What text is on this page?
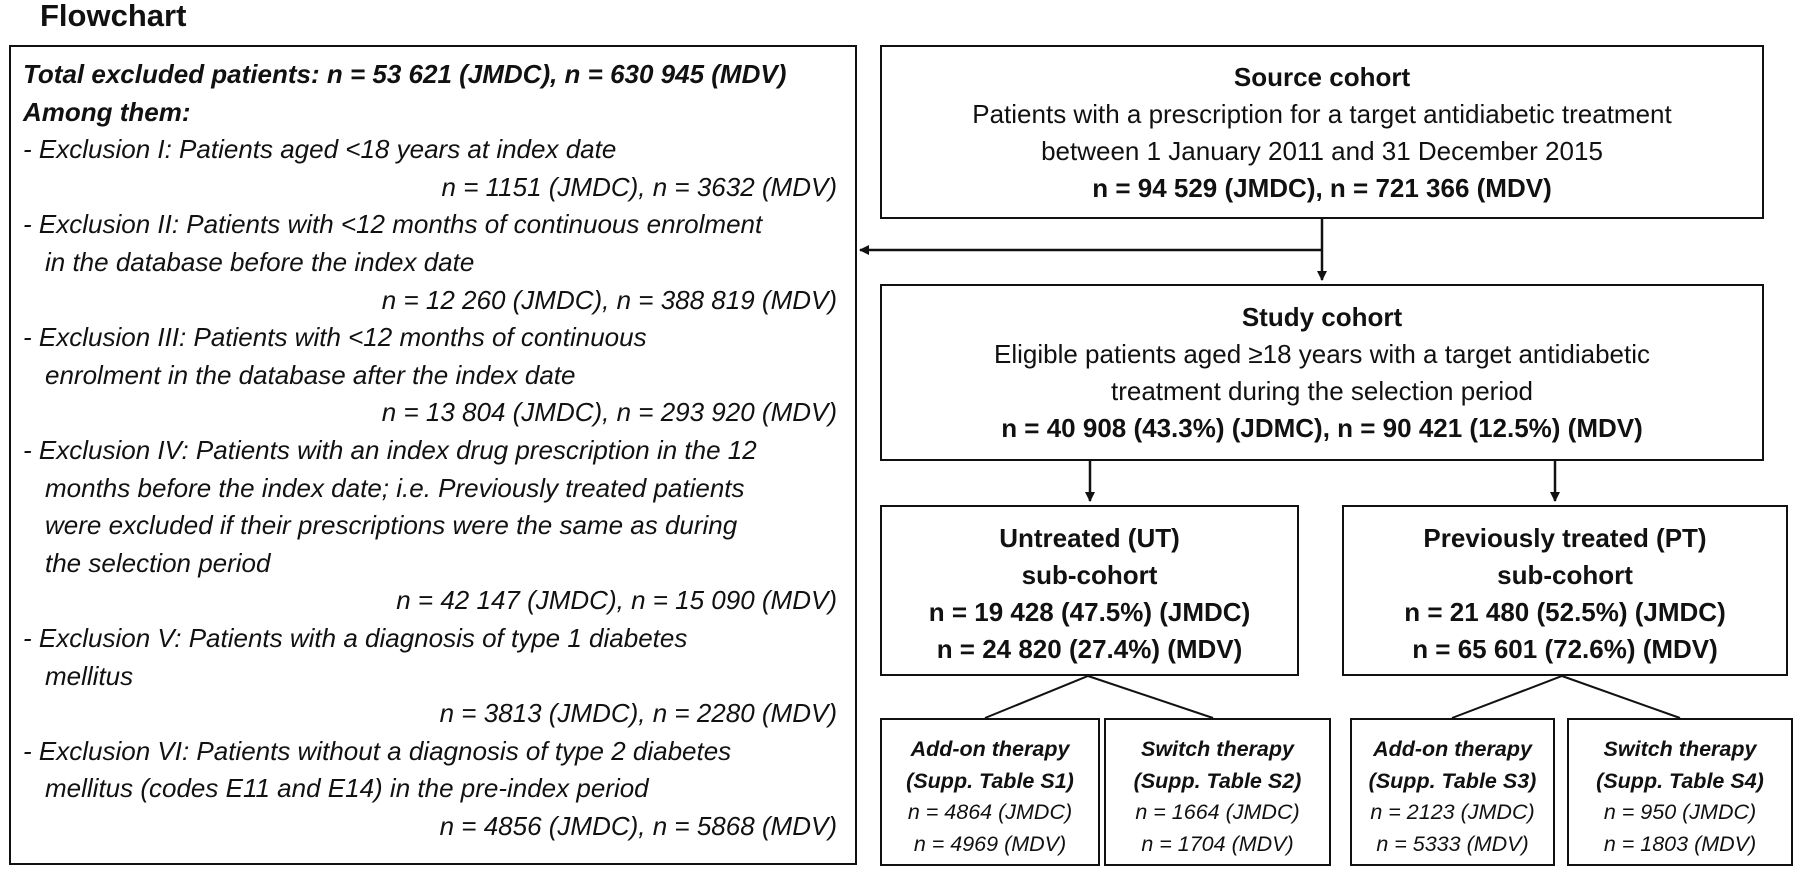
Flowchart
Total excluded patients: n = 53 621 (JMDC), n = 630 945 (MDV)
Among them:
- Exclusion I: Patients aged <18 years at index date
n = 1151 (JMDC), n = 3632 (MDV)
- Exclusion II: Patients with <12 months of continuous enrolment
in the database before the index date
n = 12 260 (JMDC), n = 388 819 (MDV)
- Exclusion III: Patients with <12 months of continuous
enrolment in the database after the index date
n = 13 804 (JMDC), n = 293 920 (MDV)
- Exclusion IV: Patients with an index drug prescription in the 12
months before the index date; i.e. Previously treated patients
were excluded if their prescriptions were the same as during
the selection period
n = 42 147 (JMDC), n = 15 090 (MDV)
- Exclusion V: Patients with a diagnosis of type 1 diabetes
mellitus
n = 3813 (JMDC), n = 2280 (MDV)
- Exclusion VI: Patients without a diagnosis of type 2 diabetes
mellitus (codes E11 and E14) in the pre-index period
n = 4856 (JMDC), n = 5868 (MDV)
Source cohort
Patients with a prescription for a target antidiabetic treatment
between 1 January 2011 and 31 December 2015
n = 94 529 (JMDC), n = 721 366 (MDV)
Study cohort
Eligible patients aged ≥18 years with a target antidiabetic
treatment during the selection period
n = 40 908 (43.3%) (JDMC), n = 90 421 (12.5%) (MDV)
Untreated (UT)
sub-cohort
n = 19 428 (47.5%) (JMDC)
n = 24 820 (27.4%) (MDV)
Previously treated (PT)
sub-cohort
n = 21 480 (52.5%) (JMDC)
n = 65 601 (72.6%) (MDV)
Add-on therapy
(Supp. Table S1)
n = 4864 (JMDC)
n = 4969 (MDV)
Switch therapy
(Supp. Table S2)
n = 1664 (JMDC)
n = 1704 (MDV)
Add-on therapy
(Supp. Table S3)
n = 2123 (JMDC)
n = 5333 (MDV)
Switch therapy
(Supp. Table S4)
n = 950 (JMDC)
n = 1803 (MDV)
